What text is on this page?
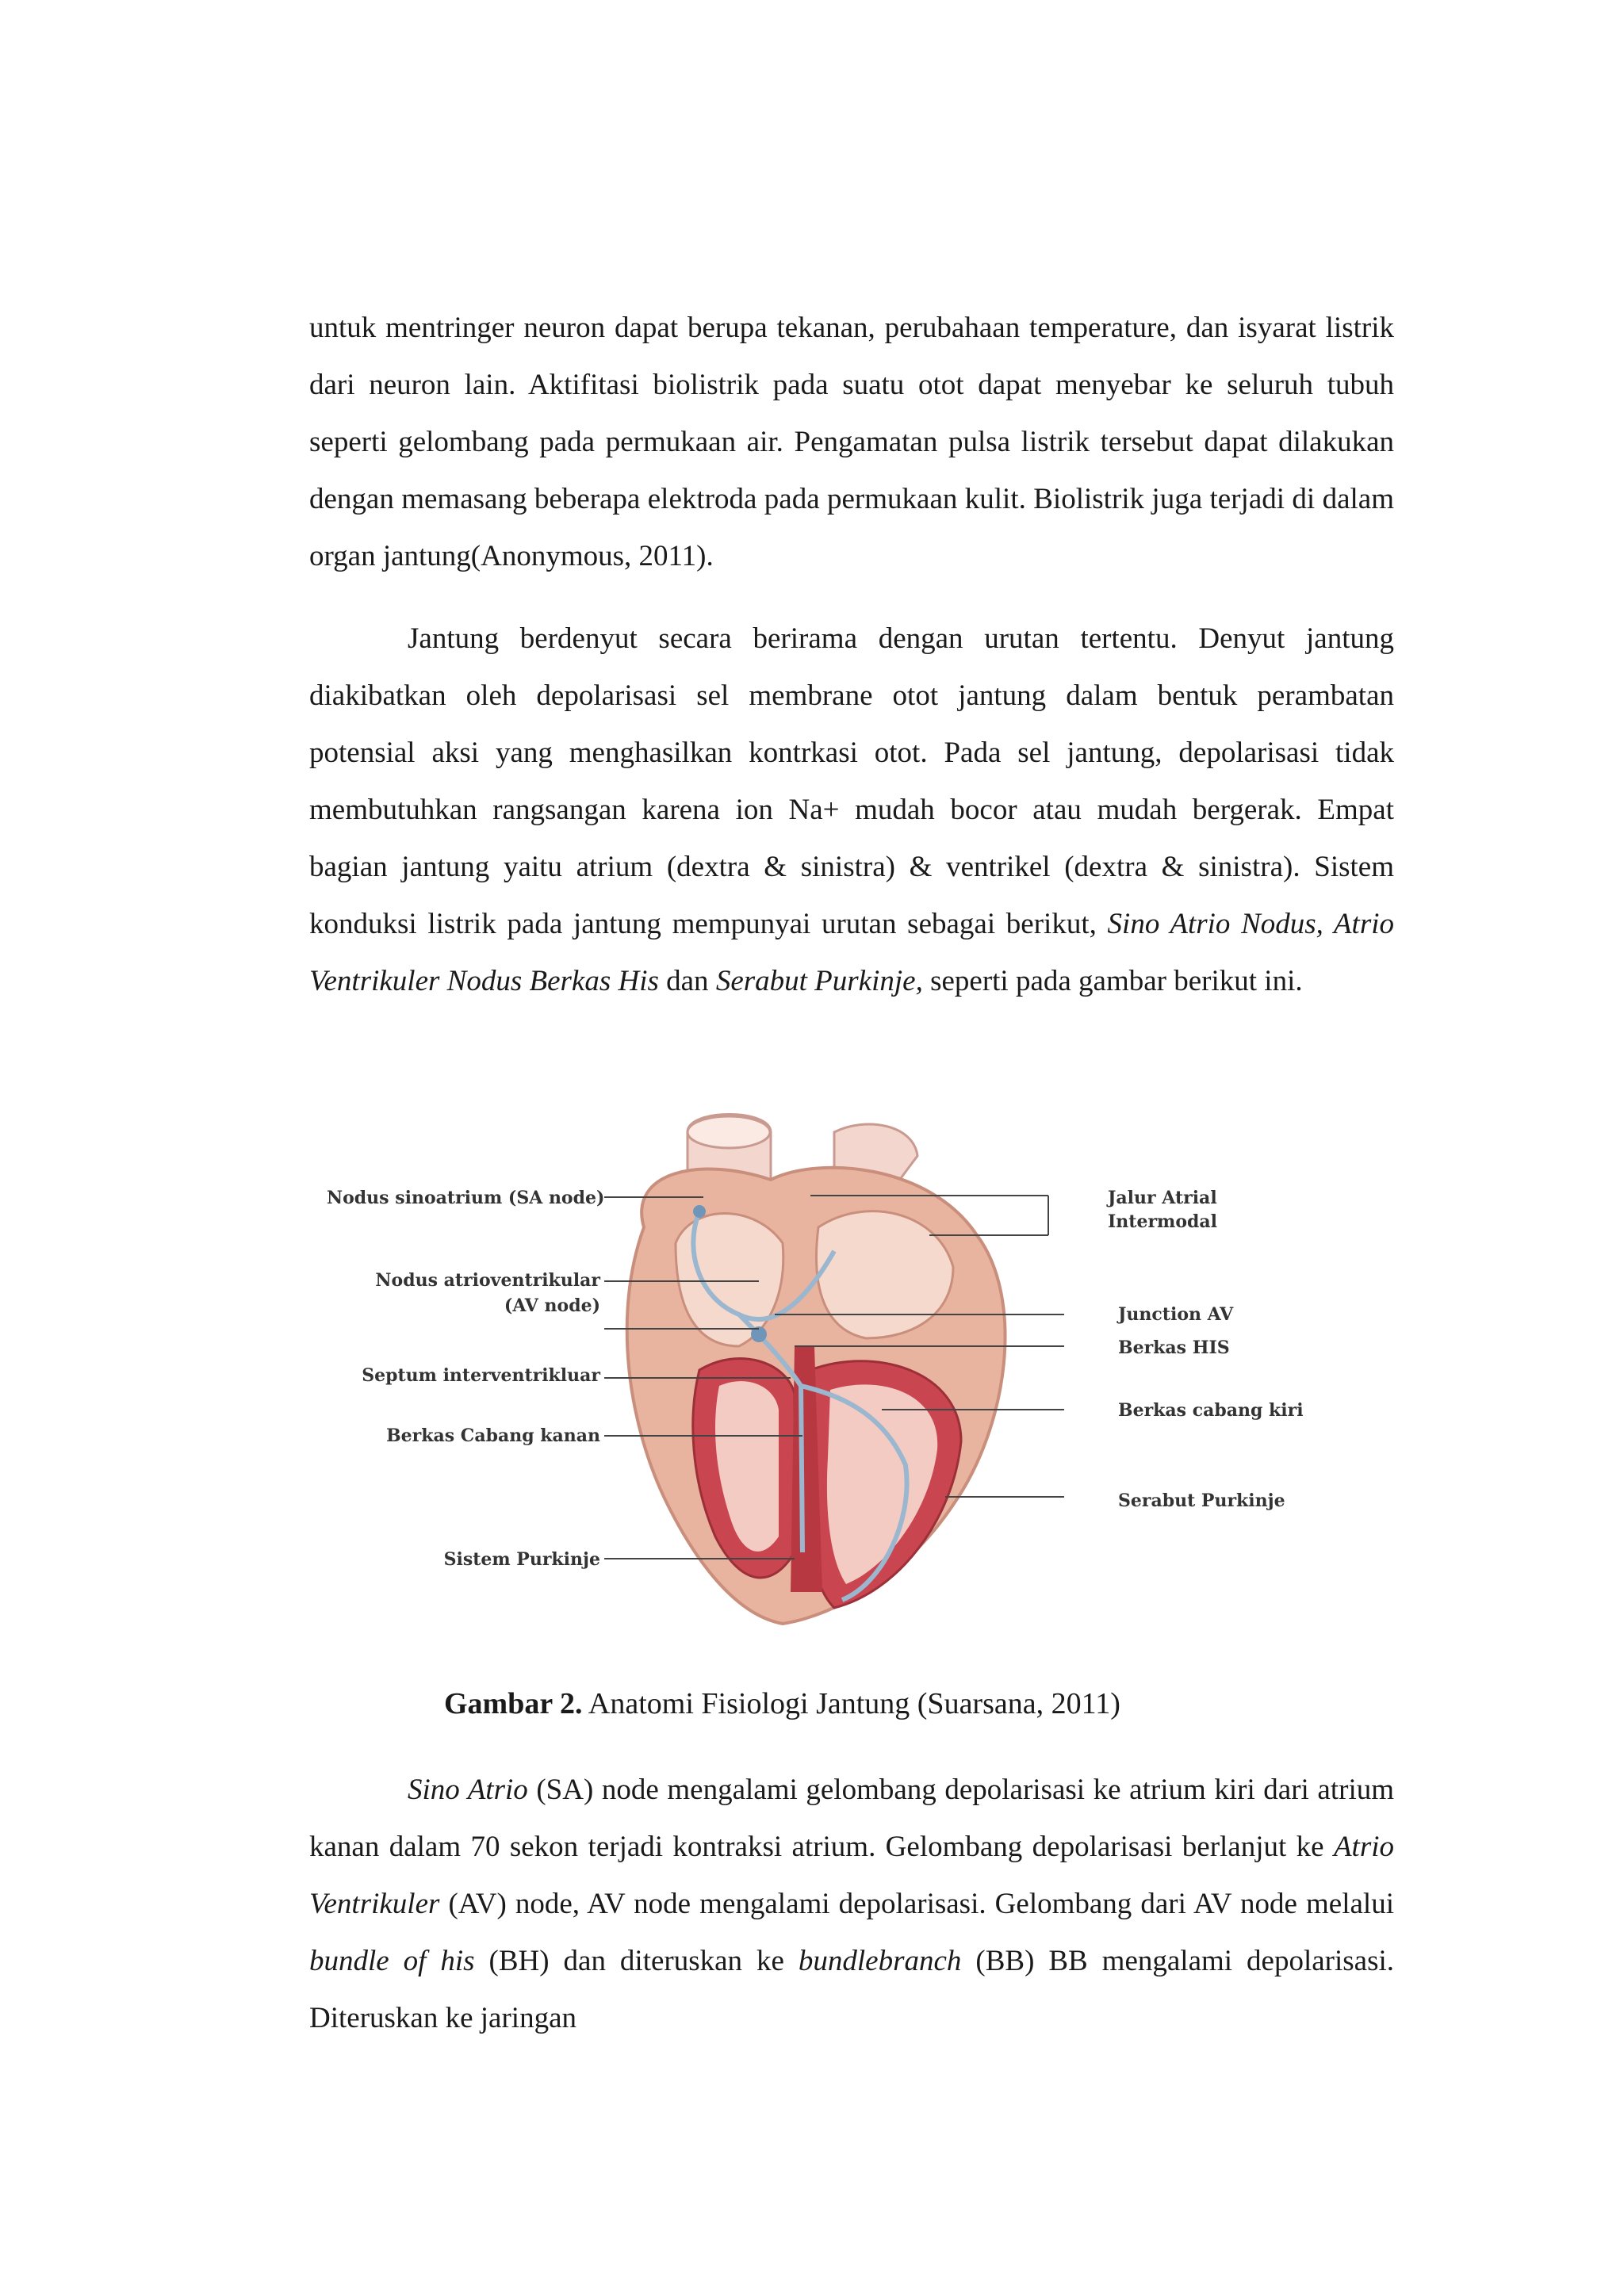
untuk mentringer neuron dapat berupa tekanan, perubahaan temperature, dan isyarat listrik dari neuron lain. Aktifitasi biolistrik pada suatu otot dapat menyebar ke seluruh tubuh seperti gelombang pada permukaan air. Pengamatan pulsa listrik tersebut dapat dilakukan dengan memasang beberapa elektroda pada permukaan kulit. Biolistrik juga terjadi di dalam organ jantung(Anonymous, 2011).

Jantung berdenyut secara berirama dengan urutan tertentu. Denyut jantung diakibatkan oleh depolarisasi sel membrane otot jantung dalam bentuk perambatan potensial aksi yang menghasilkan kontrkasi otot. Pada sel jantung, depolarisasi tidak membutuhkan rangsangan karena ion Na+ mudah bocor atau mudah bergerak. Empat bagian jantung yaitu atrium (dextra & sinistra) & ventrikel (dextra & sinistra). Sistem konduksi listrik pada jantung mempunyai urutan sebagai berikut, Sino Atrio Nodus, Atrio Ventrikuler Nodus Berkas His dan Serabut Purkinje, seperti pada gambar berikut ini.

Nodus sinoatrium (SA node)
Nodus atrioventrikular
(AV node)
Septum interventrikluar
Berkas Cabang kanan
Sistem Purkinje
Jalur Atrial
Intermodal
Junction AV
Berkas HIS
Berkas cabang kiri
Serabut Purkinje
Gambar 2. Anatomi Fisiologi Jantung (Suarsana, 2011)

Sino Atrio (SA) node mengalami gelombang depolarisasi ke atrium kiri dari atrium kanan dalam 70 sekon terjadi kontraksi atrium. Gelombang depolarisasi berlanjut ke Atrio Ventrikuler (AV) node, AV node mengalami depolarisasi. Gelombang dari AV node melalui bundle of his (BH) dan diteruskan ke bundlebranch (BB) BB mengalami depolarisasi. Diteruskan ke jaringan
